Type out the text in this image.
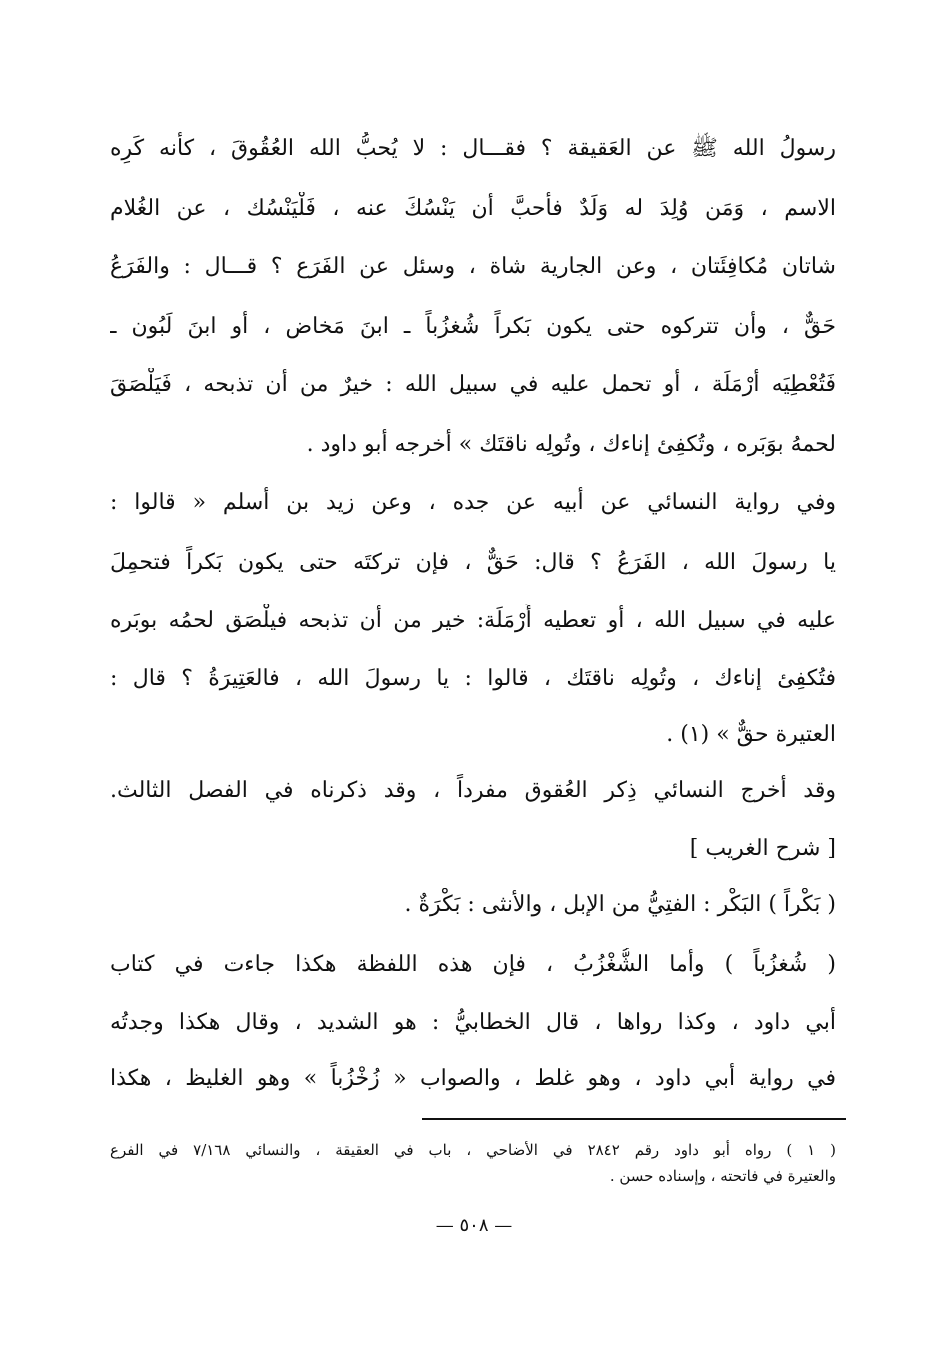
رسولُ الله ﷺ عن العَقيقة ؟ فقـــال : لا يُحبُّ الله العُقُوقَ ، كأنه كَرِه
الاسم ، وَمَن وُلِدَ له وَلَدٌ فأحبَّ أن يَنْسُكَ عنه ، فَلْيَنْسُك ، عن الغُلام
شاتان مُكافِئَتان ، وعن الجارية شاة ، وسئل عن الفَرَع ؟ قـــال : والفَرَعُ
حَقٌّ ، وأن تتركوه حتى يكون بَكراً شُغزُباً ـ ابنَ مَخاض ، أو ابنَ لَبُون ـ
فَتُعْطِيَه أرْمَلَة ، أو تحمل عليه في سبيل الله : خيرٌ من أن تذبحه ، فَيَلْصَقَ
لحمهُ بوَبَره ، وتُكفِئ إناءك ، وتُولِه ناقتَك » أخرجه أبو داود .
وفي رواية النسائي عن أبيه عن جده ، وعن زيد بن أسلم « قالوا :
يا رسولَ الله ، الفَرَعُ ؟ قال: حَقٌّ ، فإن تركتَه حتى يكون بَكراً فتحمِلَ
عليه في سبيل الله ، أو تعطيه أَرْمَلَة: خير من أن تذبحه فيلْصَق لحمُه بوبَره
فتُكفِئ إناءك ، وتُولِه ناقتَك ، قالوا : يا رسولَ الله ، فالعَتِيرَةُ ؟ قال :
العتيرة حقٌّ » (١) .
وقد أخرج النسائي ذِكر العُقوق مفرداً ، وقد ذكرناه في الفصل الثالث.
[ شرح الغريب ]
( بَكْراً ) البَكْر : الفتِيُّ من الإبل ، والأنثى : بَكْرَةٌ .
( شُغزُباً ) وأما الشُّغْزُبُ ، فإن هذه اللفظة هكذا جاءت في كتاب
أبي داود ، وكذا رواها ، قال الخطابيُّ : هو الشديد ، وقال هكذا وجدتُه
في رواية أبي داود ، وهو غلط ، والصواب « زُخْزُباً » وهو الغليظ ، هكذا
( ١ ) رواه أبو داود رقم ٢٨٤٢ في الأضاحي ، باب في العقيقة ، والنسائي ٧/١٦٨ في الفرع
والعتيرة في فاتحته ، وإسناده حسن .
— ٥٠٨ —
